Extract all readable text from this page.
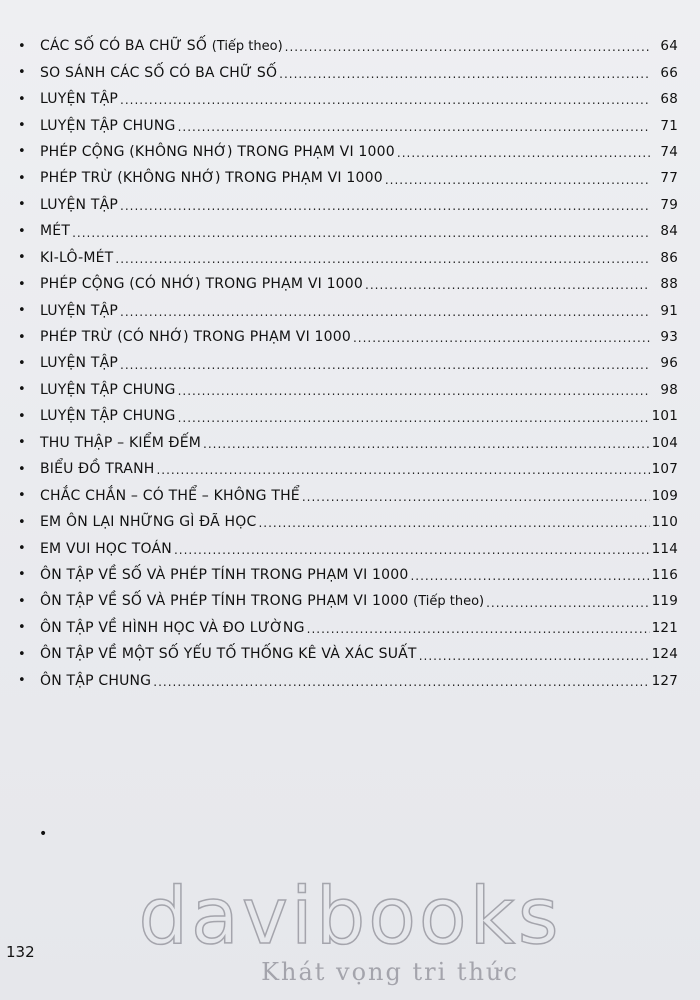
•	CÁC SỐ CÓ BA CHỮ SỐ (Tiếp theo) .....	64
•	SO SÁNH CÁC SỐ CÓ BA CHỮ SỐ .....	66
•	LUYỆN TẬP .....	68
•	LUYỆN TẬP CHUNG .....	71
•	PHÉP CỘNG (KHÔNG NHỚ) TRONG PHẠM VI 1000 .....	74
•	PHÉP TRỪ (KHÔNG NHỚ) TRONG PHẠM VI 1000 .....	77
•	LUYỆN TẬP .....	79
•	MÉT .....	84
•	KI-LÔ-MÉT .....	86
•	PHÉP CỘNG (CÓ NHỚ) TRONG PHẠM VI 1000 .....	88
•	LUYỆN TẬP .....	91
•	PHÉP TRỪ (CÓ NHỚ) TRONG PHẠM VI 1000 .....	93
•	LUYỆN TẬP .....	96
•	LUYỆN TẬP CHUNG .....	98
•	LUYỆN TẬP CHUNG .....	101
•	THU THẬP – KIỂM ĐẾM .....	104
•	BIỂU ĐỒ TRANH .....	107
•	CHẮC CHẮN – CÓ THỂ – KHÔNG THỂ .....	109
•	EM ÔN LẠI NHỮNG GÌ ĐÃ HỌC .....	110
•	EM VUI HỌC TOÁN .....	114
•	ÔN TẬP VỀ SỐ VÀ PHÉP TÍNH TRONG PHẠM VI 1000 .....	116
•	ÔN TẬP VỀ SỐ VÀ PHÉP TÍNH TRONG PHẠM VI 1000 (Tiếp theo) .....	119
•	ÔN TẬP VỀ HÌNH HỌC VÀ ĐO LƯỜNG .....	121
•	ÔN TẬP VỀ MỘT SỐ YẾU TỐ THỐNG KÊ VÀ XÁC SUẤT .....	124
•	ÔN TẬP CHUNG .....	127
•
132	davibooks
Khát vọng tri thức
